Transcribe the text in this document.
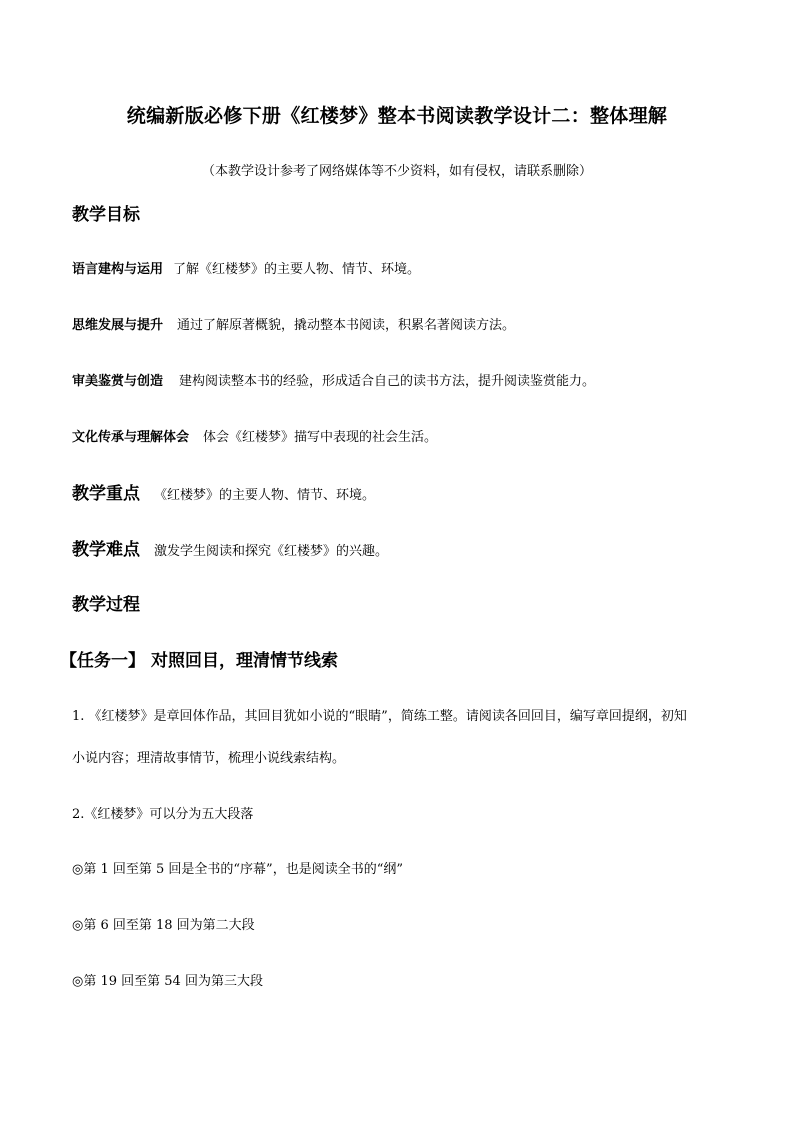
统编新版必修下册《红楼梦》整本书阅读教学设计二：整体理解
（本教学设计参考了网络媒体等不少资料，如有侵权，请联系删除）
教学目标
语言建构与运用 了解《红楼梦》的主要人物、情节、环境。
思维发展与提升 通过了解原著概貌，撬动整本书阅读，积累名著阅读方法。
审美鉴赏与创造 建构阅读整本书的经验，形成适合自己的读书方法，提升阅读鉴赏能力。
文化传承与理解体会 体会《红楼梦》描写中表现的社会生活。
教学重点 《红楼梦》的主要人物、情节、环境。
教学难点 激发学生阅读和探究《红楼梦》的兴趣。
教学过程
【任务一】 对照回目，理清情节线索
1. 《红楼梦》是章回体作品，其回目犹如小说的“眼睛”，简练工整。请阅读各回回目，编写章回提纲，初知
小说内容；理清故事情节，梳理小说线索结构。
2.《红楼梦》可以分为五大段落
◎第 1 回至第 5 回是全书的“序幕”，也是阅读全书的“纲”
◎第 6 回至第 18 回为第二大段
◎第 19 回至第 54 回为第三大段
